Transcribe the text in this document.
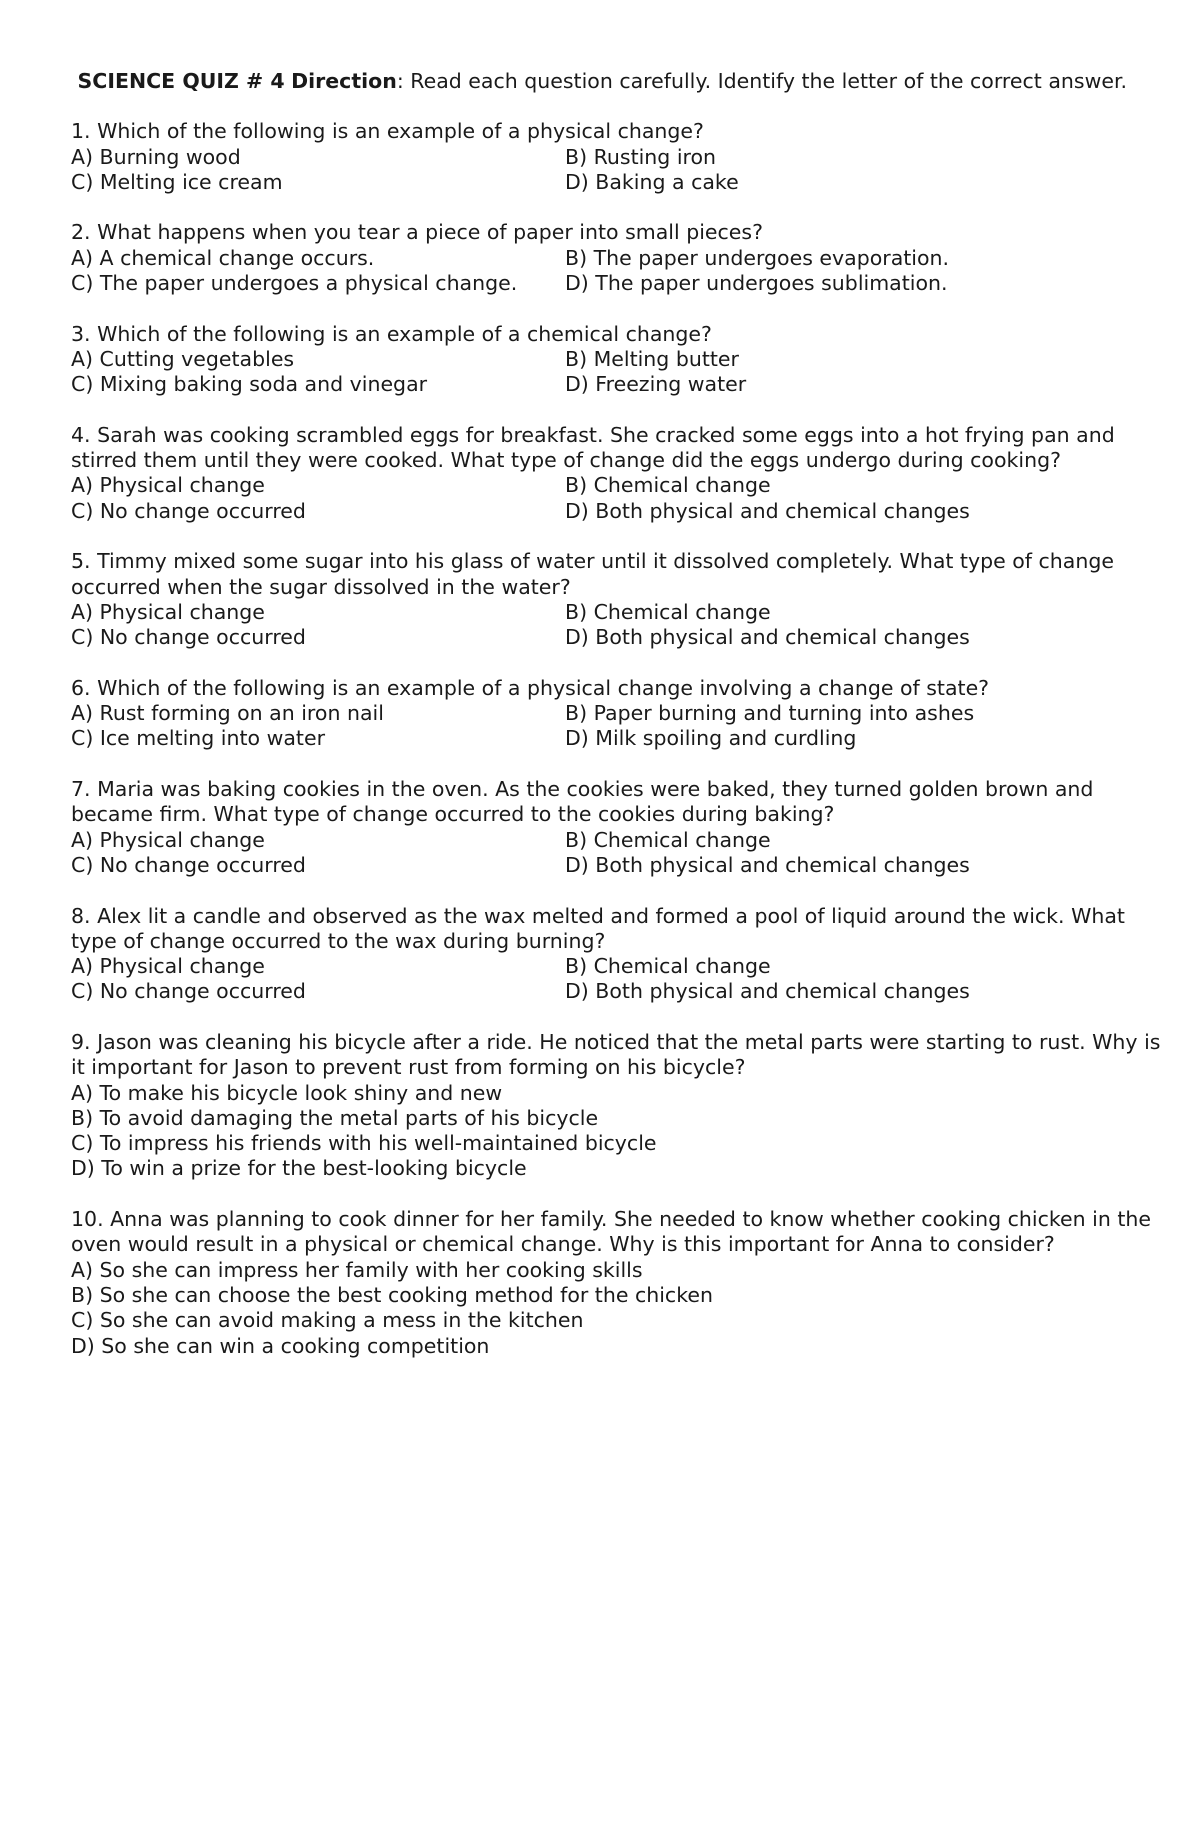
SCIENCE QUIZ # 4 Direction: Read each question carefully. Identify the letter of the correct answer.

1. Which of the following is an example of a physical change?
A) Burning wood	B) Rusting iron
C) Melting ice cream	D) Baking a cake
2. What happens when you tear a piece of paper into small pieces?
A) A chemical change occurs.	B) The paper undergoes evaporation.
C) The paper undergoes a physical change.	D) The paper undergoes sublimation.
3. Which of the following is an example of a chemical change?
A) Cutting vegetables	B) Melting butter
C) Mixing baking soda and vinegar	D) Freezing water
4. Sarah was cooking scrambled eggs for breakfast. She cracked some eggs into a hot frying pan and stirred them until they were cooked. What type of change did the eggs undergo during cooking?
A) Physical change	B) Chemical change
C) No change occurred	D) Both physical and chemical changes
5. Timmy mixed some sugar into his glass of water until it dissolved completely. What type of change occurred when the sugar dissolved in the water?
A) Physical change	B) Chemical change
C) No change occurred	D) Both physical and chemical changes
6. Which of the following is an example of a physical change involving a change of state?
A) Rust forming on an iron nail	B) Paper burning and turning into ashes
C) Ice melting into water	D) Milk spoiling and curdling
7. Maria was baking cookies in the oven. As the cookies were baked, they turned golden brown and became firm. What type of change occurred to the cookies during baking?
A) Physical change	B) Chemical change
C) No change occurred	D) Both physical and chemical changes
8. Alex lit a candle and observed as the wax melted and formed a pool of liquid around the wick. What type of change occurred to the wax during burning?
A) Physical change	B) Chemical change
C) No change occurred	D) Both physical and chemical changes
9. Jason was cleaning his bicycle after a ride. He noticed that the metal parts were starting to rust. Why is it important for Jason to prevent rust from forming on his bicycle?
A) To make his bicycle look shiny and new
B) To avoid damaging the metal parts of his bicycle
C) To impress his friends with his well-maintained bicycle
D) To win a prize for the best-looking bicycle
10. Anna was planning to cook dinner for her family. She needed to know whether cooking chicken in the oven would result in a physical or chemical change. Why is this important for Anna to consider?
A) So she can impress her family with her cooking skills
B) So she can choose the best cooking method for the chicken
C) So she can avoid making a mess in the kitchen
D) So she can win a cooking competition
